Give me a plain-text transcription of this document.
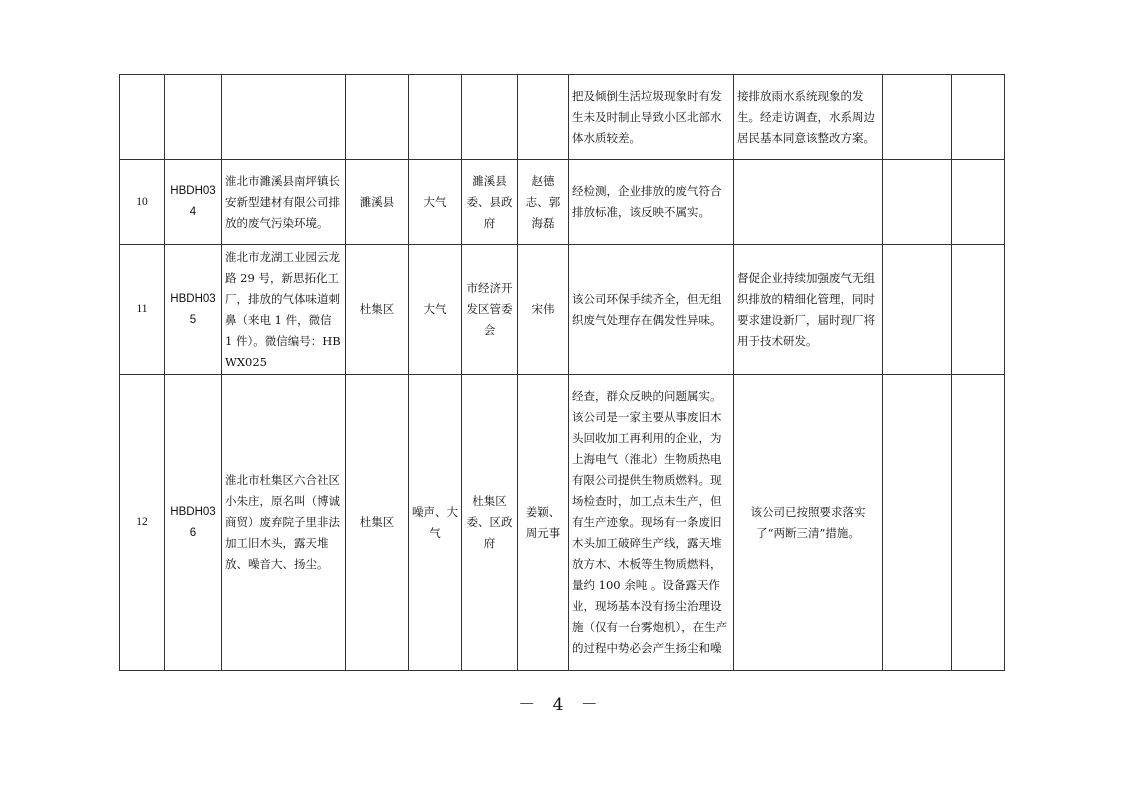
							把及倾倒生活垃圾现象时有发生未及时制止导致小区北部水体水质较差。	接排放雨水系统现象的发生。经走访调查，水系周边居民基本同意该整改方案。		
10	HBDH034	淮北市濉溪县南坪镇长安新型建材有限公司排放的废气污染环境。	濉溪县	大气	濉溪县委、县政府	赵德志、郭海磊	经检测，企业排放的废气符合排放标准，该反映不属实。			
11	HBDH035	淮北市龙湖工业园云龙路 29 号，新思拓化工厂，排放的气体味道刺鼻（来电 1 件，微信 1 件）。微信编号：HBWX025	杜集区	大气	市经济开发区管委会	宋伟	该公司环保手续齐全，但无组织废气处理存在偶发性异味。	督促企业持续加强废气无组织排放的精细化管理，同时要求建设新厂，届时现厂将用于技术研发。		
12	HBDH036	淮北市杜集区六合社区小朱庄，原名叫（博诚商贸）废弃院子里非法加工旧木头，露天堆放、噪音大、扬尘。	杜集区	噪声、大气	杜集区委、区政府	姜颖、周元事	经查，群众反映的问题属实。该公司是一家主要从事废旧木头回收加工再利用的企业，为上海电气（淮北）生物质热电有限公司提供生物质燃料。现场检查时，加工点未生产，但有生产迹象。现场有一条废旧木头加工破碎生产线，露天堆放方木、木板等生物质燃料，量约 100 余吨 。设备露天作业，现场基本没有扬尘治理设施（仅有一台雾炮机），在生产的过程中势必会产生扬尘和噪	该公司已按照要求落实了“两断三清”措施。		
－ 4 －
